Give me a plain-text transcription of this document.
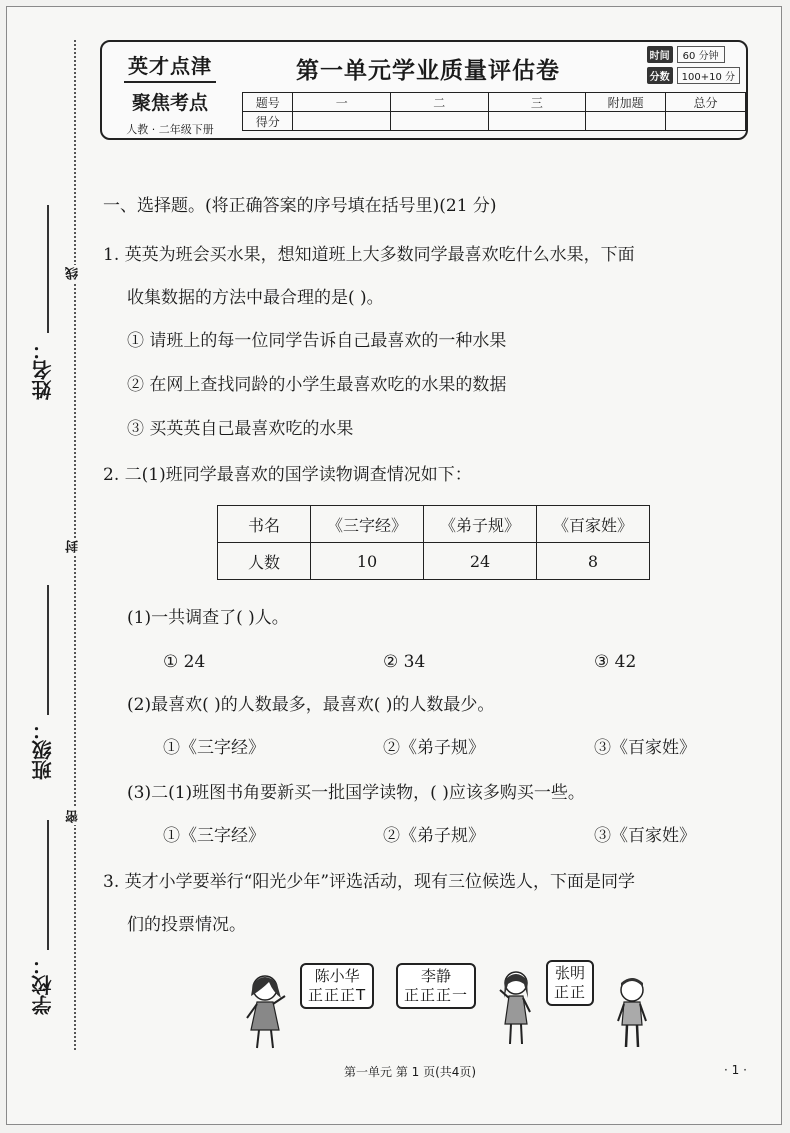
姓名：
班级：
学校：
线
封
密
英才点津
聚焦考点
人教 · 二年级下册
第一单元学业质量评估卷
时间	60 分钟
分数	100+10 分
题号	一	二	三	附加题	总分
得分					
一、选择题。(将正确答案的序号填在括号里)(21 分)
1. 英英为班会买水果，想知道班上大多数同学最喜欢吃什么水果，下面
收集数据的方法中最合理的是( )。
① 请班上的每一位同学告诉自己最喜欢的一种水果
② 在网上查找同龄的小学生最喜欢吃的水果的数据
③ 买英英自己最喜欢吃的水果
2. 二(1)班同学最喜欢的国学读物调查情况如下：
书名	《三字经》	《弟子规》	《百家姓》
人数	10	24	8
(1)一共调查了( )人。
① 24	② 34	③ 42
(2)最喜欢( )的人数最多，最喜欢( )的人数最少。
①《三字经》	②《弟子规》	③《百家姓》
(3)二(1)班图书角要新买一批国学读物，( )应该多购买一些。
①《三字经》	②《弟子规》	③《百家姓》
3. 英才小学要举行“阳光少年”评选活动，现有三位候选人，下面是同学
们的投票情况。
陈小华
正正正T
李静
正正正一
张明
正正
第一单元 第 1 页(共4页)	· 1 ·
